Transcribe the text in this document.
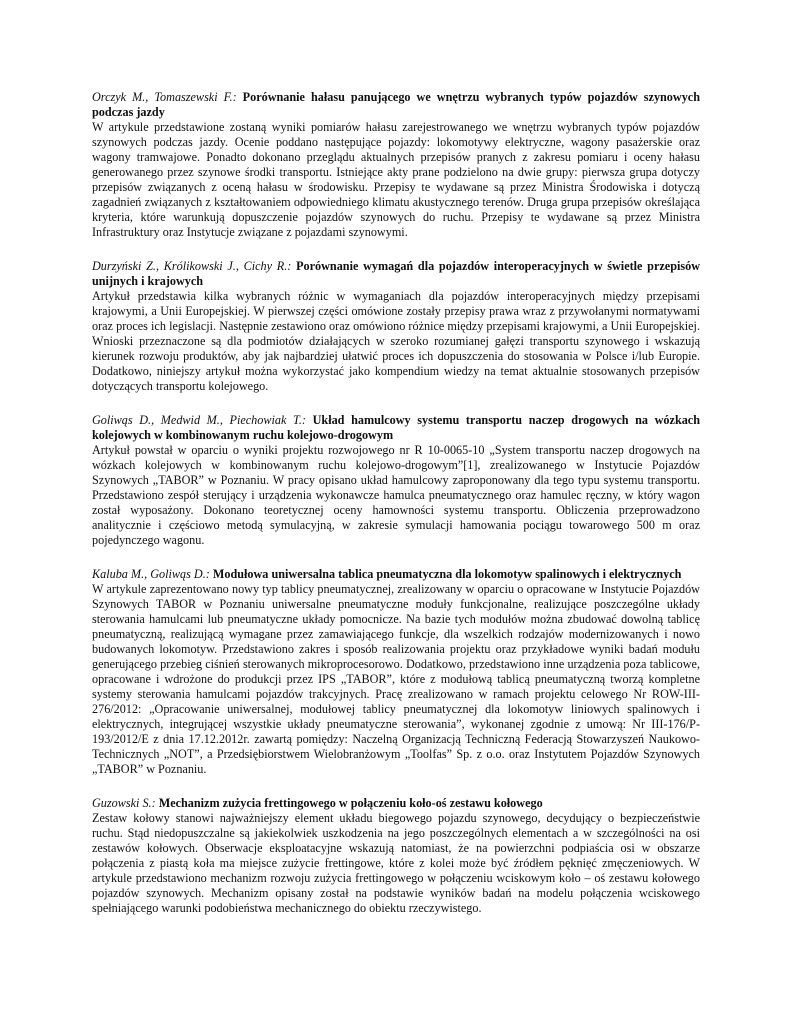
Orczyk M., Tomaszewski F.: Porównanie hałasu panującego we wnętrzu wybranych typów pojazdów szynowych podczas jazdy

W artykule przedstawione zostaną wyniki pomiarów hałasu zarejestrowanego we wnętrzu wybranych typów pojazdów szynowych podczas jazdy. Ocenie poddano następujące pojazdy: lokomotywy elektryczne, wagony pasażerskie oraz wagony tramwajowe. Ponadto dokonano przeglądu aktualnych przepisów pranych z zakresu pomiaru i oceny hałasu generowanego przez szynowe środki transportu. Istniejące akty prane podzielono na dwie grupy: pierwsza grupa dotyczy przepisów związanych z oceną hałasu w środowisku. Przepisy te wydawane są przez Ministra Środowiska i dotyczą zagadnień związanych z kształtowaniem odpowiedniego klimatu akustycznego terenów. Druga grupa przepisów określająca kryteria, które warunkują dopuszczenie pojazdów szynowych do ruchu. Przepisy te wydawane są przez Ministra Infrastruktury oraz Instytucje związane z pojazdami szynowymi.

Durzyński Z., Królikowski J., Cichy R.: Porównanie wymagań dla pojazdów interoperacyjnych w świetle przepisów unijnych i krajowych

Artykuł przedstawia kilka wybranych różnic w wymaganiach dla pojazdów interoperacyjnych między przepisami krajowymi, a Unii Europejskiej. W pierwszej części omówione zostały przepisy prawa wraz z przywołanymi normatywami oraz proces ich legislacji. Następnie zestawiono oraz omówiono różnice między przepisami krajowymi, a Unii Europejskiej. Wnioski przeznaczone są dla podmiotów działających w szeroko rozumianej gałęzi transportu szynowego i wskazują kierunek rozwoju produktów, aby jak najbardziej ułatwić proces ich dopuszczenia do stosowania w Polsce i/lub Europie. Dodatkowo, niniejszy artykuł można wykorzystać jako kompendium wiedzy na temat aktualnie stosowanych przepisów dotyczących transportu kolejowego.

Goliwąs D., Medwid M., Piechowiak T.: Układ hamulcowy systemu transportu naczep drogowych na wózkach kolejowych w kombinowanym ruchu kolejowo-drogowym

Artykuł powstał w oparciu o wyniki projektu rozwojowego nr R 10-0065-10 „System transportu naczep drogowych na wózkach kolejowych w kombinowanym ruchu kolejowo-drogowym”[1], zrealizowanego w Instytucie Pojazdów Szynowych „TABOR” w Poznaniu. W pracy opisano układ hamulcowy zaproponowany dla tego typu systemu transportu. Przedstawiono zespół sterujący i urządzenia wykonawcze hamulca pneumatycznego oraz hamulec ręczny, w który wagon został wyposażony. Dokonano teoretycznej oceny hamowności systemu transportu. Obliczenia przeprowadzono analitycznie i częściowo metodą symulacyjną, w zakresie symulacji hamowania pociągu towarowego 500 m oraz pojedynczego wagonu.

Kaluba M., Goliwąs D.: Modułowa uniwersalna tablica pneumatyczna dla lokomotyw spalinowych i elektrycznych

W artykule zaprezentowano nowy typ tablicy pneumatycznej, zrealizowany w oparciu o opracowane w Instytucie Pojazdów Szynowych TABOR w Poznaniu uniwersalne pneumatyczne moduły funkcjonalne, realizujące poszczególne układy sterowania hamulcami lub pneumatyczne układy pomocnicze. Na bazie tych modułów można zbudować dowolną tablicę pneumatyczną, realizującą wymagane przez zamawiającego funkcje, dla wszelkich rodzajów modernizowanych i nowo budowanych lokomotyw. Przedstawiono zakres i sposób realizowania projektu oraz przykładowe wyniki badań modułu generującego przebieg ciśnień sterowanych mikroprocesorowo. Dodatkowo, przedstawiono inne urządzenia poza tablicowe, opracowane i wdrożone do produkcji przez IPS „TABOR”, które z modułową tablicą pneumatyczną tworzą kompletne systemy sterowania hamulcami pojazdów trakcyjnych. Pracę zrealizowano w ramach projektu celowego Nr ROW-III-276/2012: „Opracowanie uniwersalnej, modułowej tablicy pneumatycznej dla lokomotyw liniowych spalinowych i elektrycznych, integrującej wszystkie układy pneumatyczne sterowania”, wykonanej zgodnie z umową: Nr III-176/P-193/2012/E z dnia 17.12.2012r. zawartą pomiędzy: Naczelną Organizacją Techniczną Federacją Stowarzyszeń Naukowo-Technicznych „NOT”, a Przedsiębiorstwem Wielobranżowym „Toolfas” Sp. z o.o. oraz Instytutem Pojazdów Szynowych „TABOR” w Poznaniu.

Guzowski S.: Mechanizm zużycia frettingowego w połączeniu koło-oś zestawu kołowego

Zestaw kołowy stanowi najważniejszy element układu biegowego pojazdu szynowego, decydujący o bezpieczeństwie ruchu. Stąd niedopuszczalne są jakiekolwiek uszkodzenia na jego poszczególnych elementach a w szczególności na osi zestawów kołowych. Obserwacje eksploatacyjne wskazują natomiast, że na powierzchni podpiaścia osi w obszarze połączenia z piastą koła ma miejsce zużycie frettingowe, które z kolei może być źródłem pęknięć zmęczeniowych. W artykule przedstawiono mechanizm rozwoju zużycia frettingowego w połączeniu wciskowym koło – oś zestawu kołowego pojazdów szynowych. Mechanizm opisany został na podstawie wyników badań na modelu połączenia wciskowego spełniającego warunki podobieństwa mechanicznego do obiektu rzeczywistego.
